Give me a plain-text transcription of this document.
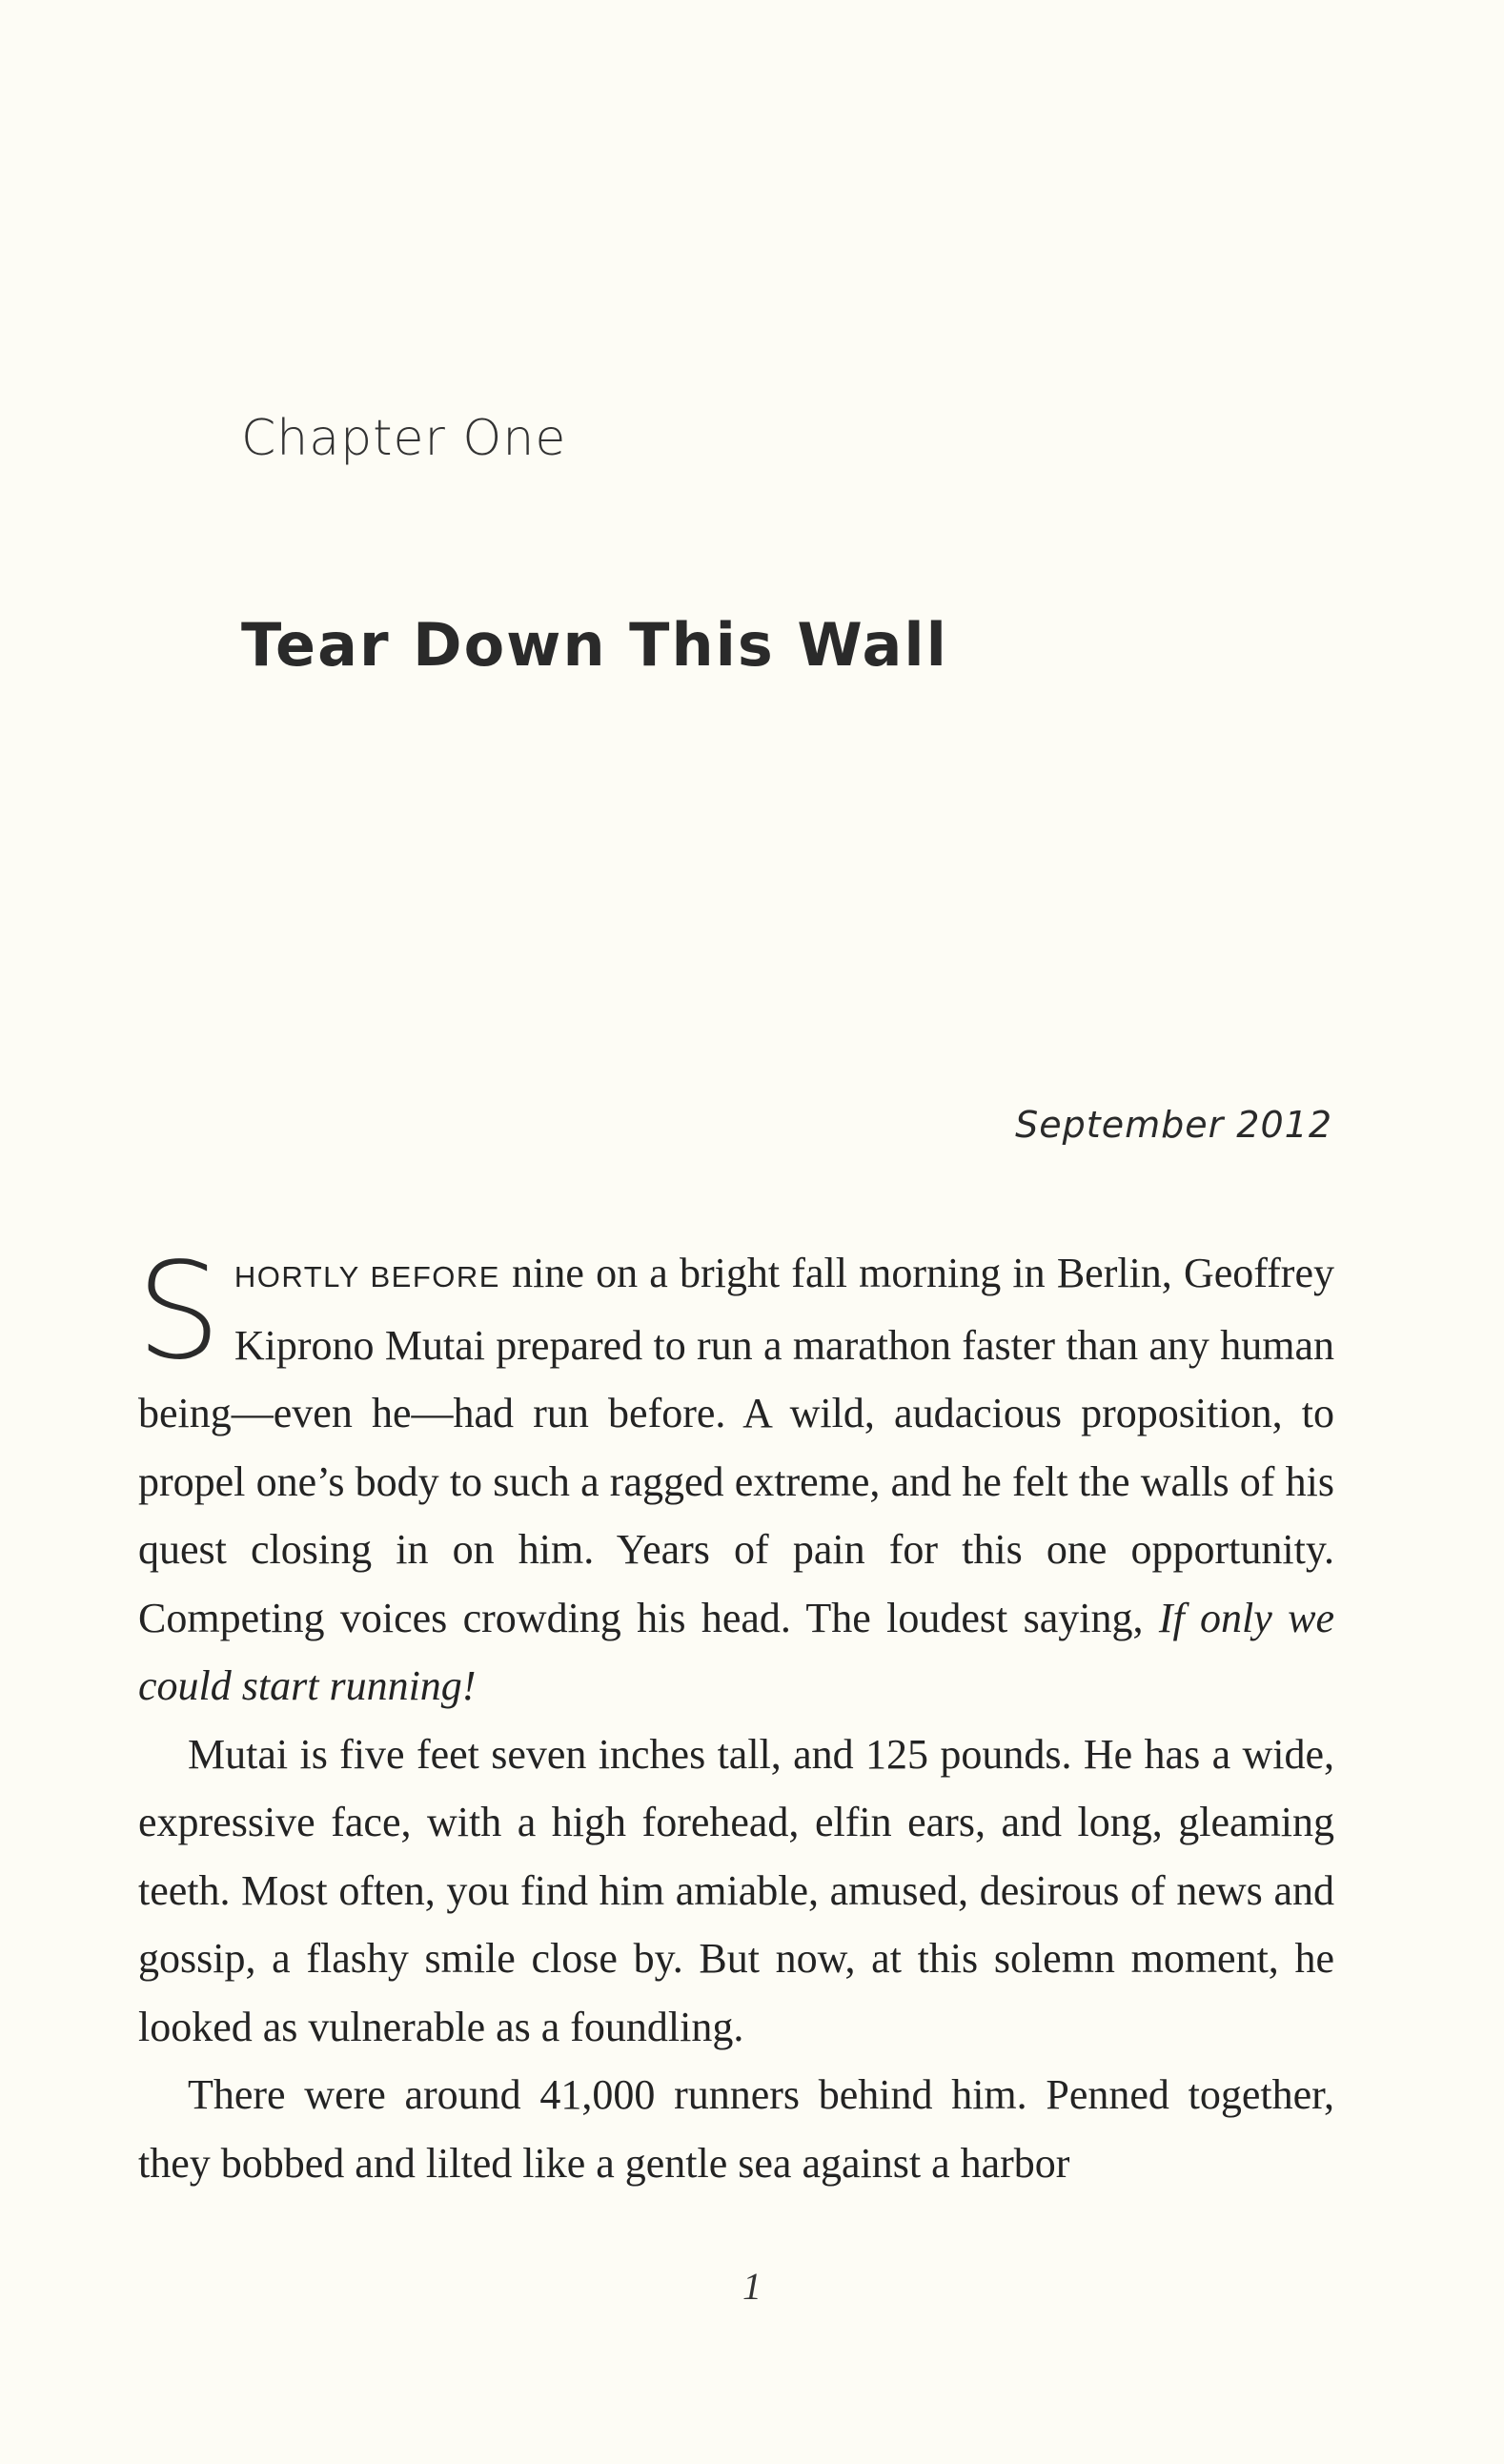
Chapter One
Tear Down This Wall
September 2012

SHORTLY BEFORE nine on a bright fall morning in Berlin, Geoffrey Kiprono Mutai prepared to run a marathon faster than any human being—even he—had run before. A wild, audacious proposition, to propel one’s body to such a ragged extreme, and he felt the walls of his quest closing in on him. Years of pain for this one opportunity. Competing voices crowding his head. The loudest saying, If only we could start running!

Mutai is five feet seven inches tall, and 125 pounds. He has a wide, expressive face, with a high forehead, elfin ears, and long, gleaming teeth. Most often, you find him amiable, amused, desirous of news and gossip, a flashy smile close by. But now, at this solemn moment, he looked as vulnerable as a foundling.

There were around 41,000 runners behind him. Penned together, they bobbed and lilted like a gentle sea against a harbor

1
